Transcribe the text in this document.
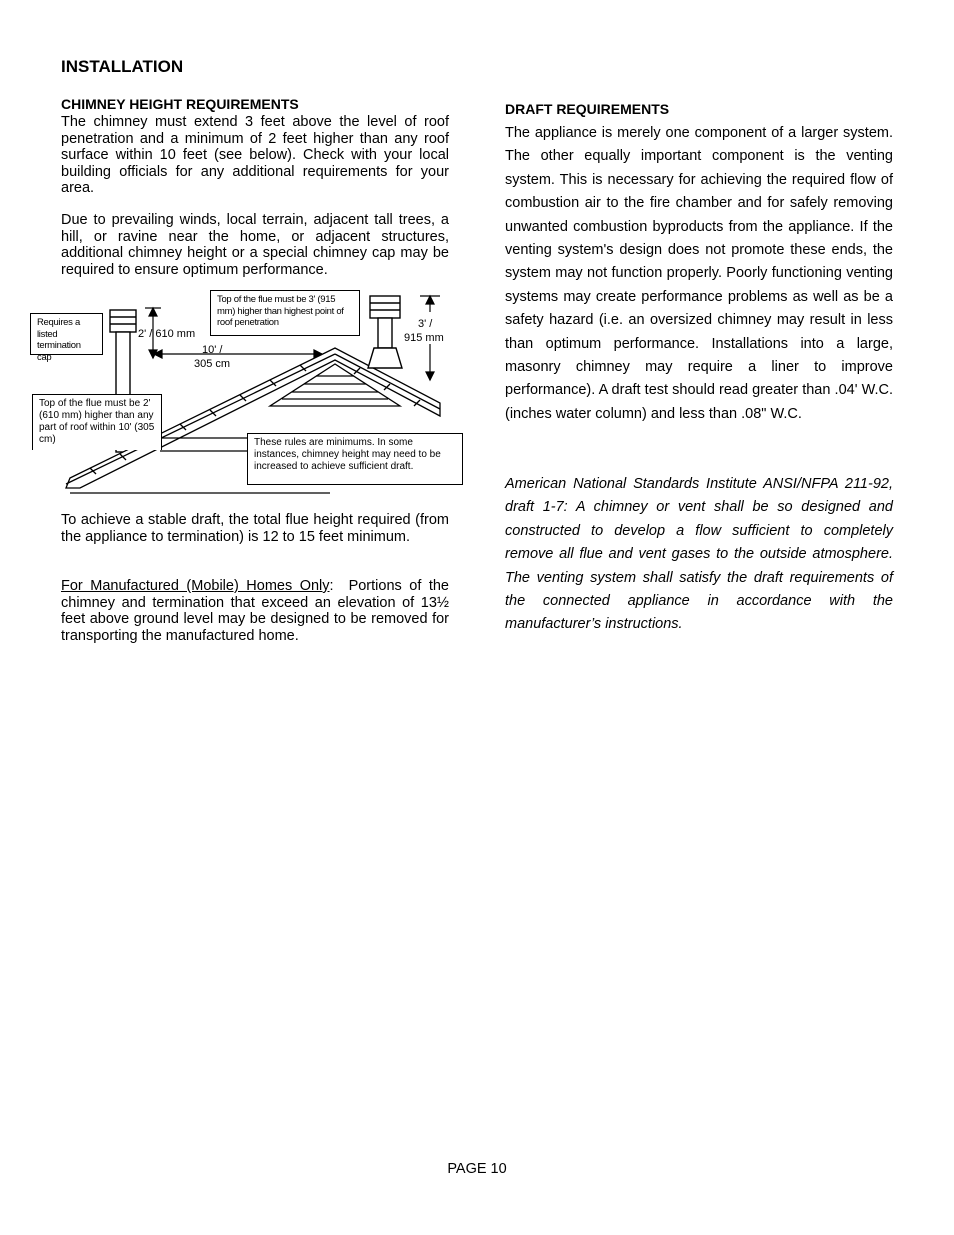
INSTALLATION
CHIMNEY HEIGHT REQUIREMENTS
The chimney must extend 3 feet above the level of roof penetration and a minimum of 2 feet higher than any roof surface within 10 feet (see below). Check with your local building officials for any additional requirements for your area.
Due to prevailing winds, local terrain, adjacent tall trees, a hill, or ravine near the home, or adjacent structures, additional chimney height or a special chimney cap may be required to ensure optimum performance.
2' / 610 mm
10' /
305 cm
3' /
915 mm
Requires a listed termination cap
Top of the flue must be 3' (915 mm) higher than highest point of roof penetration
Top of the flue must be 2' (610 mm) higher than any part of roof within 10' (305 cm)	These rules are minimums. In some instances, chimney height may need to be increased to achieve sufficient draft.
To achieve a stable draft, the total flue height required (from the appliance to termination) is 12 to 15 feet minimum.
For Manufactured (Mobile) Homes Only: Portions of the chimney and termination that exceed an elevation of 13½ feet above ground level may be designed to be removed for transporting the manufactured home.
DRAFT REQUIREMENTS
The appliance is merely one component of a larger system. The other equally important component is the venting system. This is necessary for achieving the required flow of combustion air to the fire chamber and for safely removing unwanted combustion byproducts from the appliance. If the venting system's design does not promote these ends, the system may not function properly. Poorly functioning venting systems may create performance problems as well as be a safety hazard (i.e. an oversized chimney may result in less than optimum performance. Installations into a large, masonry chimney may require a liner to improve performance). A draft test should read greater than .04' W.C. (inches water column) and less than .08" W.C.
American National Standards Institute ANSI/NFPA 211-92, draft 1-7: A chimney or vent shall be so designed and constructed to develop a flow sufficient to completely remove all flue and vent gases to the outside atmosphere. The venting system shall satisfy the draft requirements of the connected appliance in accordance with the manufacturer’s instructions.
PAGE 10
